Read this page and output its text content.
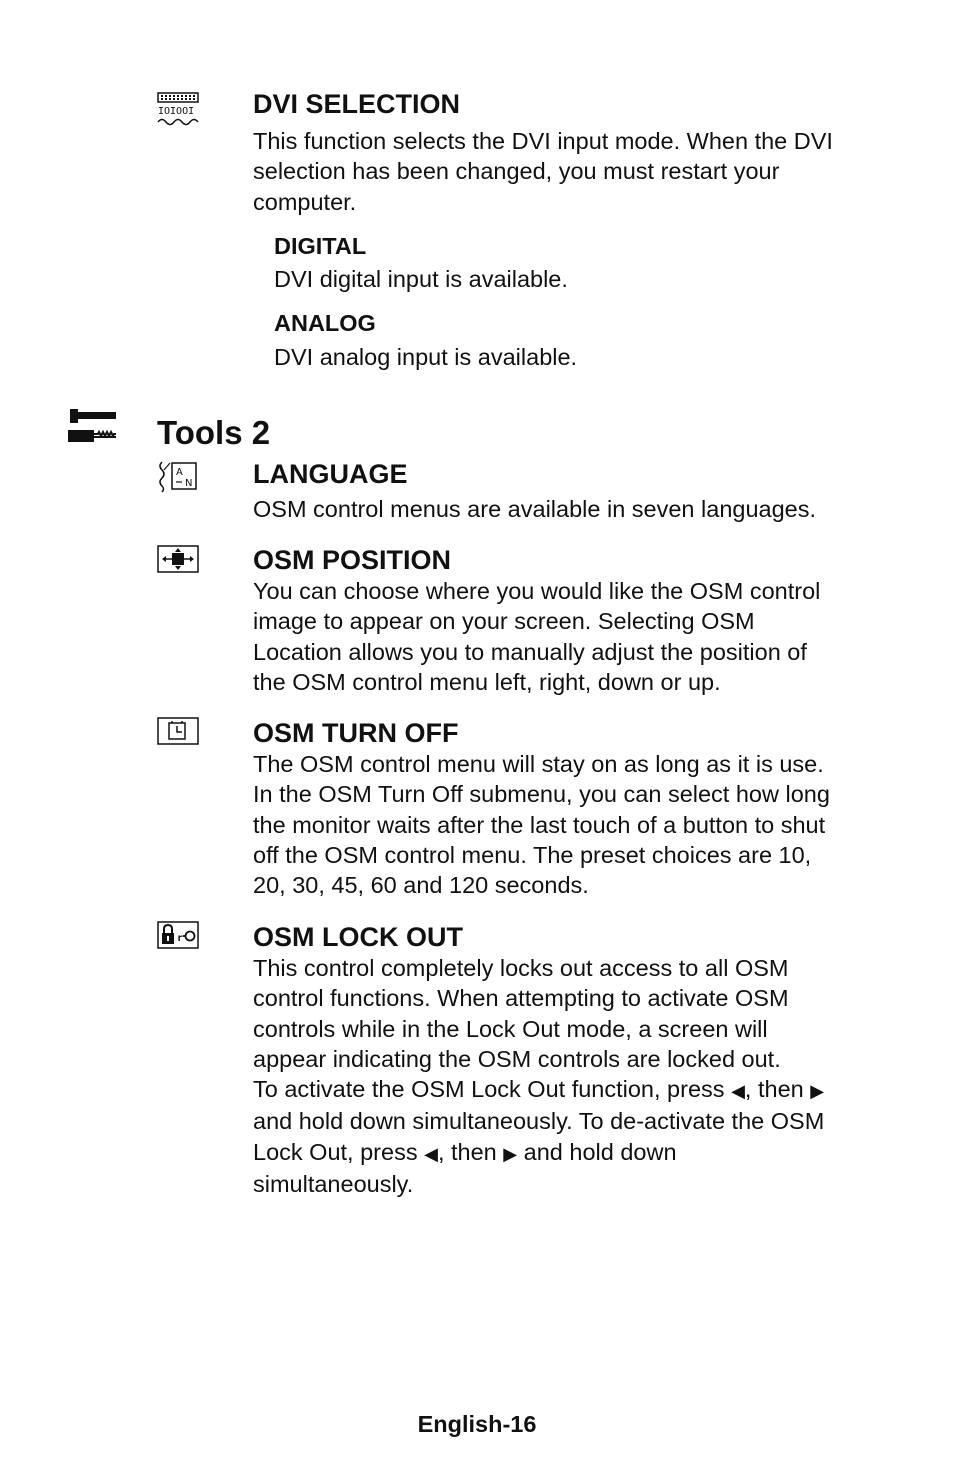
IOIOOI DVI SELECTION
This function selects the DVI input mode. When the DVI
selection has been changed, you must restart your
computer.
DIGITAL
DVI digital input is available.
ANALOG
DVI analog input is available.
Tools 2
A
N LANGUAGE
OSM control menus are available in seven languages.
OSM POSITION
You can choose where you would like the OSM control
image to appear on your screen. Selecting OSM
Location allows you to manually adjust the position of
the OSM control menu left, right, down or up.
OSM TURN OFF
The OSM control menu will stay on as long as it is use.
In the OSM Turn Off submenu, you can select how long
the monitor waits after the last touch of a button to shut
off the OSM control menu. The preset choices are 10,
20, 30, 45, 60 and 120 seconds.
r	OSM LOCK OUT
This control completely locks out access to all OSM
control functions. When attempting to activate OSM
controls while in the Lock Out mode, a screen will
appear indicating the OSM controls are locked out.
To activate the OSM Lock Out function, press ◀, then ▶
and hold down simultaneously. To de-activate the OSM
Lock Out, press ◀, then ▶ and hold down
simultaneously.
English-16
